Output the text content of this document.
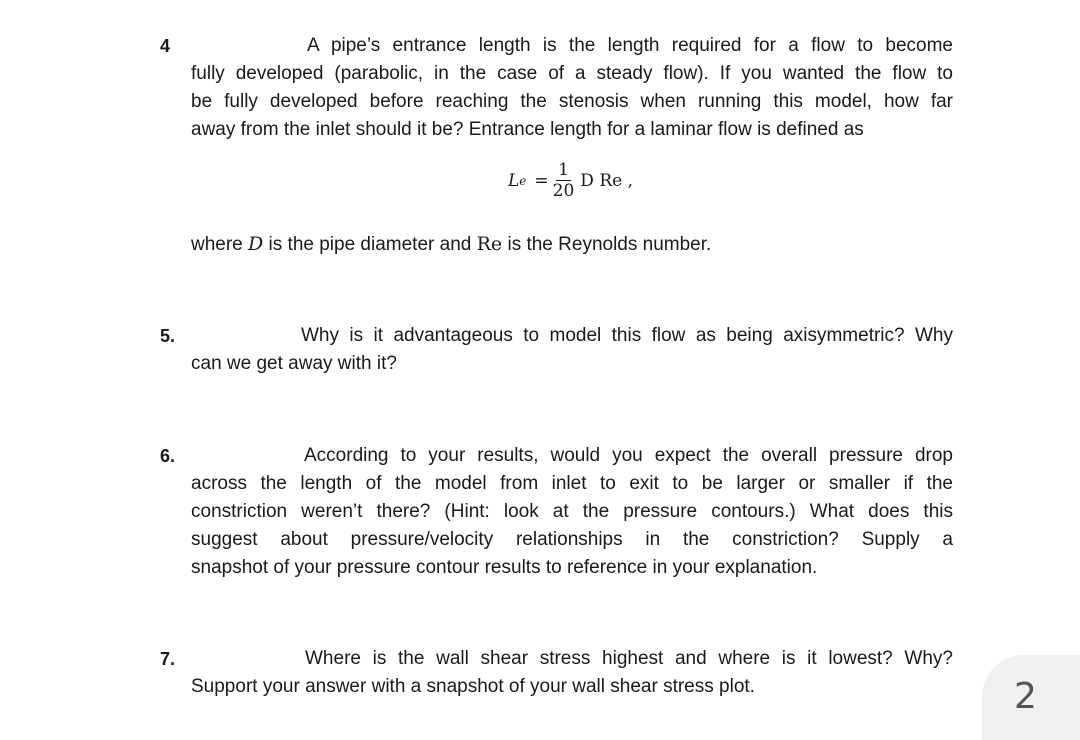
4	A pipe’s entrance length is the length required for a flow to become
fully developed (parabolic, in the case of a steady flow). If you wanted the flow to
be fully developed before reaching the stenosis when running this model, how far
away from the inlet should it be? Entrance length for a laminar flow is defined as
L $e = \frac{1}{20}$ D Re ,
where D is the pipe diameter and Re is the Reynolds number.
5.	Why is it advantageous to model this flow as being axisymmetric? Why
can we get away with it?
6.	According to your results, would you expect the overall pressure drop
across the length of the model from inlet to exit to be larger or smaller if the
constriction weren’t there? (Hint: look at the pressure contours.) What does this
suggest about pressure/velocity relationships in the constriction? Supply a
snapshot of your pressure contour results to reference in your explanation.
7.	Where is the wall shear stress highest and where is it lowest? Why?
Support your answer with a snapshot of your wall shear stress plot.	2
